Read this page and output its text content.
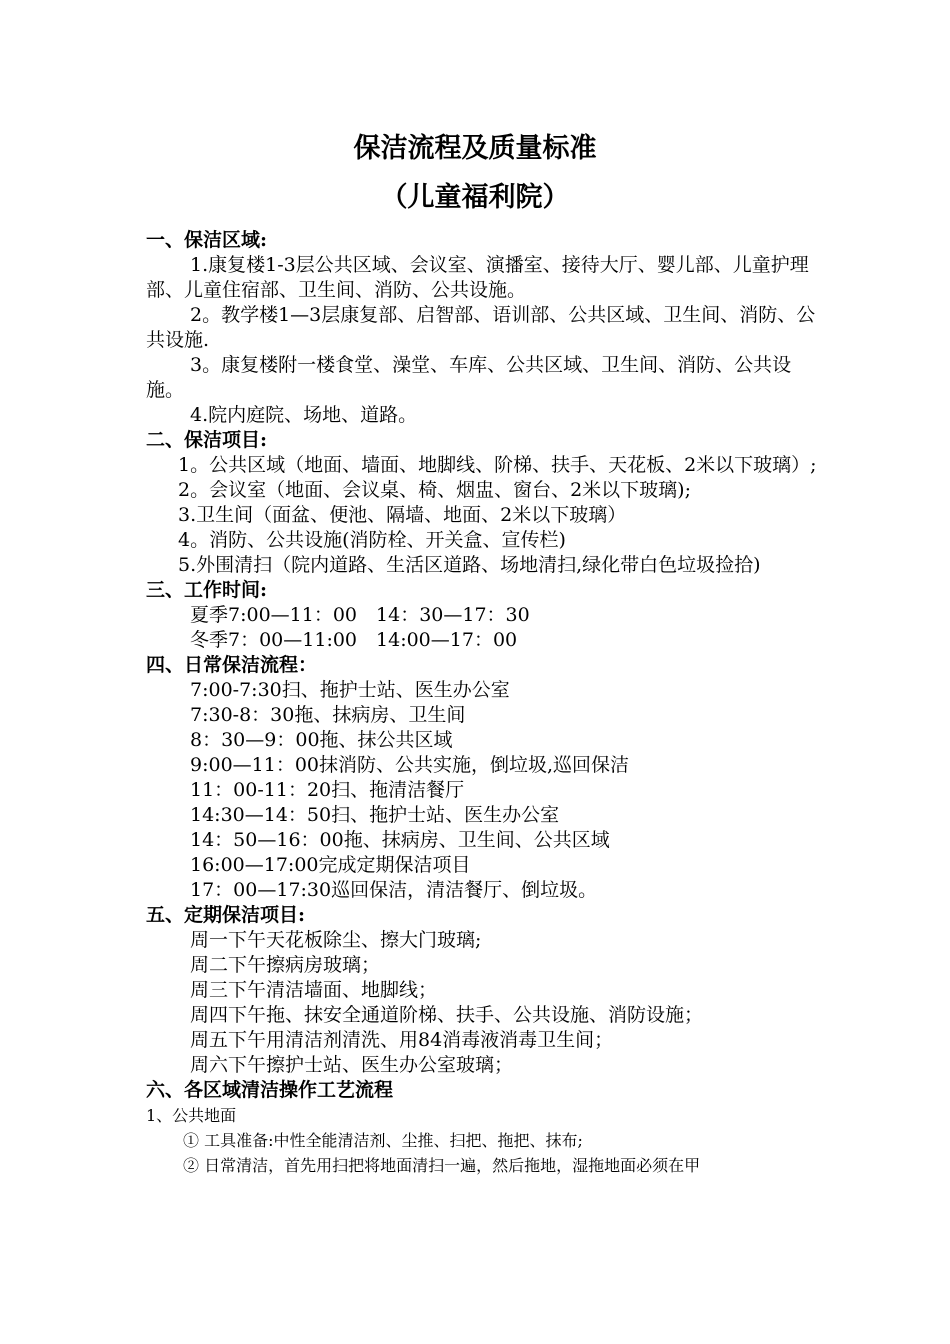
保洁流程及质量标准
（儿童福利院）
一、保洁区域:
1.康复楼1-3层公共区域、会议室、演播室、接待大厅、婴儿部、儿童护理部、儿童住宿部、卫生间、消防、公共设施。
2。教学楼1—3层康复部、启智部、语训部、公共区域、卫生间、消防、公共设施.
3。康复楼附一楼食堂、澡堂、车库、公共区域、卫生间、消防、公共设施。
4.院内庭院、场地、道路。
二、保洁项目:
1。公共区域（地面、墙面、地脚线、阶梯、扶手、天花板、2米以下玻璃）;
2。会议室（地面、会议桌、椅、烟盅、窗台、2米以下玻璃);
3.卫生间（面盆、便池、隔墙、地面、2米以下玻璃）
4。消防、公共设施(消防栓、开关盒、宣传栏)
5.外围清扫（院内道路、生活区道路、场地清扫,绿化带白色垃圾捡拾)
三、工作时间:
夏季7:00—11：00　14：30—17：30
冬季7：00—11:00　14:00—17：00
四、日常保洁流程：
7:00-7:30扫、拖护士站、医生办公室
7:30-8：30拖、抹病房、卫生间
8：30—9：00拖、抹公共区域
9:00—11：00抹消防、公共实施，倒垃圾,巡回保洁
11：00-11：20扫、拖清洁餐厅
14:30—14：50扫、拖护士站、医生办公室
14：50—16：00拖、抹病房、卫生间、公共区域
16:00—17:00完成定期保洁项目
17：00—17:30巡回保洁，清洁餐厅、倒垃圾。
五、定期保洁项目:
周一下午天花板除尘、擦大门玻璃;
周二下午擦病房玻璃；
周三下午清洁墙面、地脚线；
周四下午拖、抹安全通道阶梯、扶手、公共设施、消防设施；
周五下午用清洁剂清洗、用84消毒液消毒卫生间；
周六下午擦护士站、医生办公室玻璃；
六、各区域清洁操作工艺流程
1、公共地面
① 工具准备:中性全能清洁剂、尘推、扫把、拖把、抹布;
② 日常清洁，首先用扫把将地面清扫一遍，然后拖地，湿拖地面必须在甲
